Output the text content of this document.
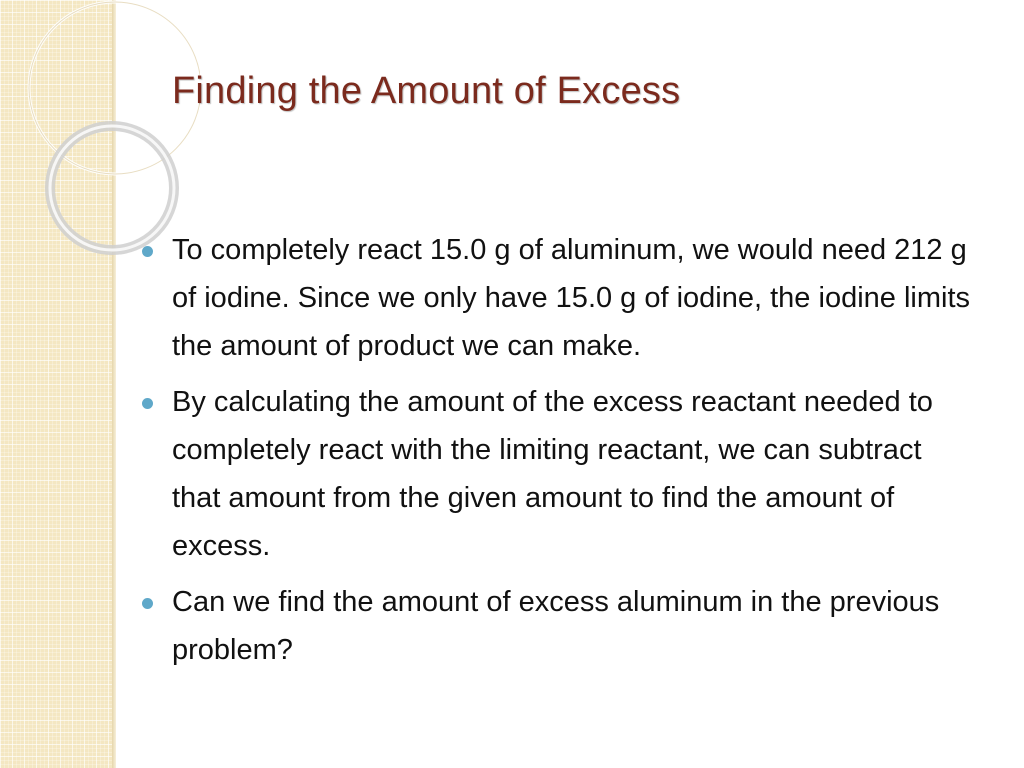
Finding the Amount of Excess
To completely react 15.0 g of aluminum, we would need 212 g of iodine. Since we only have 15.0 g of iodine, the iodine limits the amount of product we can make.
By calculating the amount of the excess reactant needed to completely react with the limiting reactant, we can subtract that amount from the given amount to find the amount of excess.
Can we find the amount of excess aluminum in the previous problem?
